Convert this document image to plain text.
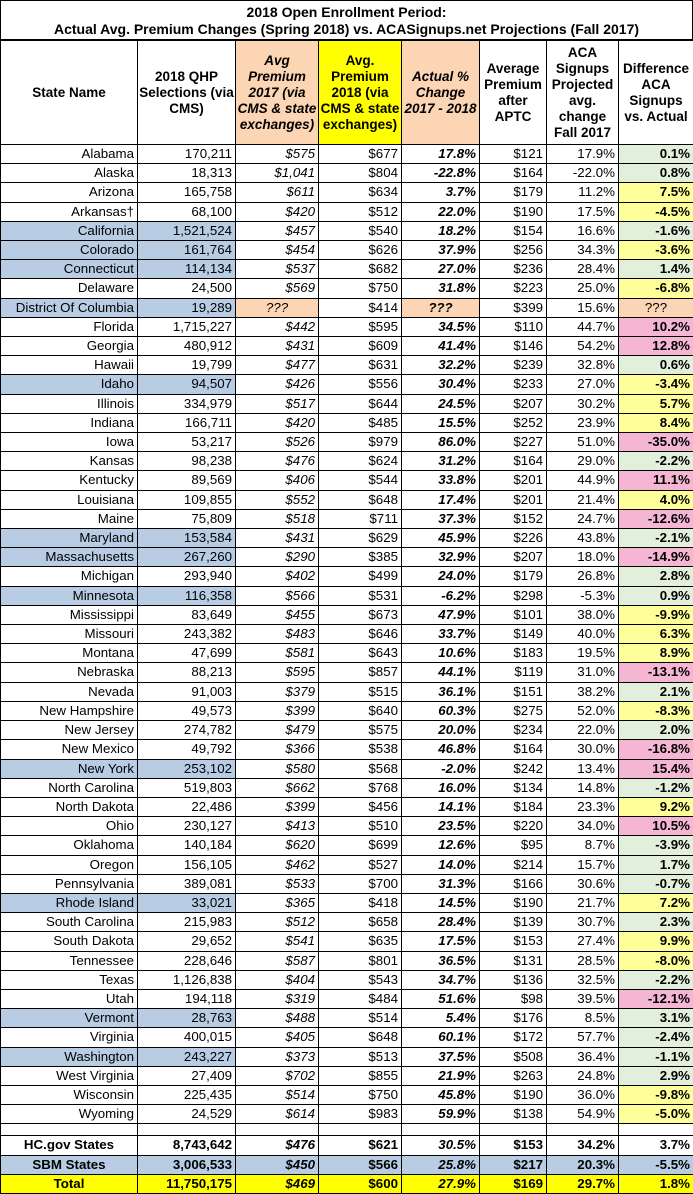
2018 Open Enrollment Period:
Actual Avg. Premium Changes (Spring 2018) vs. ACASignups.net Projections (Fall 2017)
State Name	2018 QHP Selections (via CMS)	Avg Premium 2017 (via CMS & state exchanges)	Avg. Premium 2018 (via CMS & state exchanges)	Actual % Change 2017 - 2018	Average Premium after APTC	ACA Signups Projected avg. change Fall 2017	Difference ACA Signups vs. Actual
Alabama	170,211	$575	$677	17.8%	$121	17.9%	0.1%
Alaska	18,313	$1,041	$804	-22.8%	$164	-22.0%	0.8%
Arizona	165,758	$611	$634	3.7%	$179	11.2%	7.5%
Arkansas†	68,100	$420	$512	22.0%	$190	17.5%	-4.5%
California	1,521,524	$457	$540	18.2%	$154	16.6%	-1.6%
Colorado	161,764	$454	$626	37.9%	$256	34.3%	-3.6%
Connecticut	114,134	$537	$682	27.0%	$236	28.4%	1.4%
Delaware	24,500	$569	$750	31.8%	$223	25.0%	-6.8%
District Of Columbia	19,289	???	$414	???	$399	15.6%	???
Florida	1,715,227	$442	$595	34.5%	$110	44.7%	10.2%
Georgia	480,912	$431	$609	41.4%	$146	54.2%	12.8%
Hawaii	19,799	$477	$631	32.2%	$239	32.8%	0.6%
Idaho	94,507	$426	$556	30.4%	$233	27.0%	-3.4%
Illinois	334,979	$517	$644	24.5%	$207	30.2%	5.7%
Indiana	166,711	$420	$485	15.5%	$252	23.9%	8.4%
Iowa	53,217	$526	$979	86.0%	$227	51.0%	-35.0%
Kansas	98,238	$476	$624	31.2%	$164	29.0%	-2.2%
Kentucky	89,569	$406	$544	33.8%	$201	44.9%	11.1%
Louisiana	109,855	$552	$648	17.4%	$201	21.4%	4.0%
Maine	75,809	$518	$711	37.3%	$152	24.7%	-12.6%
Maryland	153,584	$431	$629	45.9%	$226	43.8%	-2.1%
Massachusetts	267,260	$290	$385	32.9%	$207	18.0%	-14.9%
Michigan	293,940	$402	$499	24.0%	$179	26.8%	2.8%
Minnesota	116,358	$566	$531	-6.2%	$298	-5.3%	0.9%
Mississippi	83,649	$455	$673	47.9%	$101	38.0%	-9.9%
Missouri	243,382	$483	$646	33.7%	$149	40.0%	6.3%
Montana	47,699	$581	$643	10.6%	$183	19.5%	8.9%
Nebraska	88,213	$595	$857	44.1%	$119	31.0%	-13.1%
Nevada	91,003	$379	$515	36.1%	$151	38.2%	2.1%
New Hampshire	49,573	$399	$640	60.3%	$275	52.0%	-8.3%
New Jersey	274,782	$479	$575	20.0%	$234	22.0%	2.0%
New Mexico	49,792	$366	$538	46.8%	$164	30.0%	-16.8%
New York	253,102	$580	$568	-2.0%	$242	13.4%	15.4%
North Carolina	519,803	$662	$768	16.0%	$134	14.8%	-1.2%
North Dakota	22,486	$399	$456	14.1%	$184	23.3%	9.2%
Ohio	230,127	$413	$510	23.5%	$220	34.0%	10.5%
Oklahoma	140,184	$620	$699	12.6%	$95	8.7%	-3.9%
Oregon	156,105	$462	$527	14.0%	$214	15.7%	1.7%
Pennsylvania	389,081	$533	$700	31.3%	$166	30.6%	-0.7%
Rhode Island	33,021	$365	$418	14.5%	$190	21.7%	7.2%
South Carolina	215,983	$512	$658	28.4%	$139	30.7%	2.3%
South Dakota	29,652	$541	$635	17.5%	$153	27.4%	9.9%
Tennessee	228,646	$587	$801	36.5%	$131	28.5%	-8.0%
Texas	1,126,838	$404	$543	34.7%	$136	32.5%	-2.2%
Utah	194,118	$319	$484	51.6%	$98	39.5%	-12.1%
Vermont	28,763	$488	$514	5.4%	$176	8.5%	3.1%
Virginia	400,015	$405	$648	60.1%	$172	57.7%	-2.4%
Washington	243,227	$373	$513	37.5%	$508	36.4%	-1.1%
West Virginia	27,409	$702	$855	21.9%	$263	24.8%	2.9%
Wisconsin	225,435	$514	$750	45.8%	$190	36.0%	-9.8%
Wyoming	24,529	$614	$983	59.9%	$138	54.9%	-5.0%

HC.gov States	8,743,642	$476	$621	30.5%	$153	34.2%	3.7%
SBM States	3,006,533	$450	$566	25.8%	$217	20.3%	-5.5%
Total	11,750,175	$469	$600	27.9%	$169	29.7%	1.8%
